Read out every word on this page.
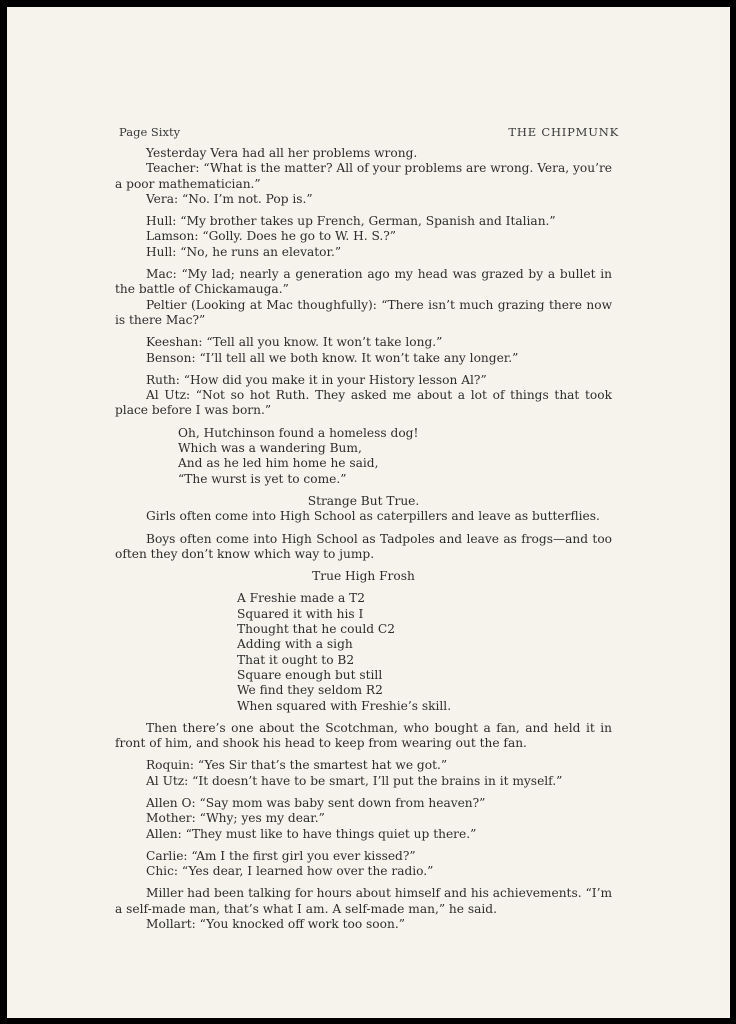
Page Sixty	THE CHIPMUNK

Yesterday Vera had all her problems wrong.

Teacher: “What is the matter? All of your problems are wrong. Vera, you’re a poor mathematician.”

Vera: “No. I’m not. Pop is.”

Hull: “My brother takes up French, German, Spanish and Italian.”

Lamson: “Golly. Does he go to W. H. S.?”

Hull: “No, he runs an elevator.”

Mac: “My lad; nearly a generation ago my head was grazed by a bullet in the battle of Chickamauga.”

Peltier (Looking at Mac thoughfully): “There isn’t much grazing there now is there Mac?”

Keeshan: “Tell all you know. It won’t take long.”

Benson: “I’ll tell all we both know. It won’t take any longer.”

Ruth: “How did you make it in your History lesson Al?”

Al Utz: “Not so hot Ruth. They asked me about a lot of things that took place before I was born.”

Oh, Hutchinson found a homeless dog!
Which was a wandering Bum,
And as he led him home he said,
“The wurst is yet to come.”

Strange But True.

Girls often come into High School as caterpillers and leave as butterflies.

Boys often come into High School as Tadpoles and leave as frogs—and too often they don’t know which way to jump.

True High Frosh

A Freshie made a T2
Squared it with his I
Thought that he could C2
Adding with a sigh
That it ought to B2
Square enough but still
We find they seldom R2
When squared with Freshie’s skill.

Then there’s one about the Scotchman, who bought a fan, and held it in front of him, and shook his head to keep from wearing out the fan.

Roquin: “Yes Sir that’s the smartest hat we got.”

Al Utz: “It doesn’t have to be smart, I’ll put the brains in it myself.”

Allen O: “Say mom was baby sent down from heaven?”

Mother: “Why; yes my dear.”

Allen: “They must like to have things quiet up there.”

Carlie: “Am I the first girl you ever kissed?”

Chic: “Yes dear, I learned how over the radio.”

Miller had been talking for hours about himself and his achievements. “I’m a self-made man, that’s what I am. A self-made man,” he said.

Mollart: “You knocked off work too soon.”
